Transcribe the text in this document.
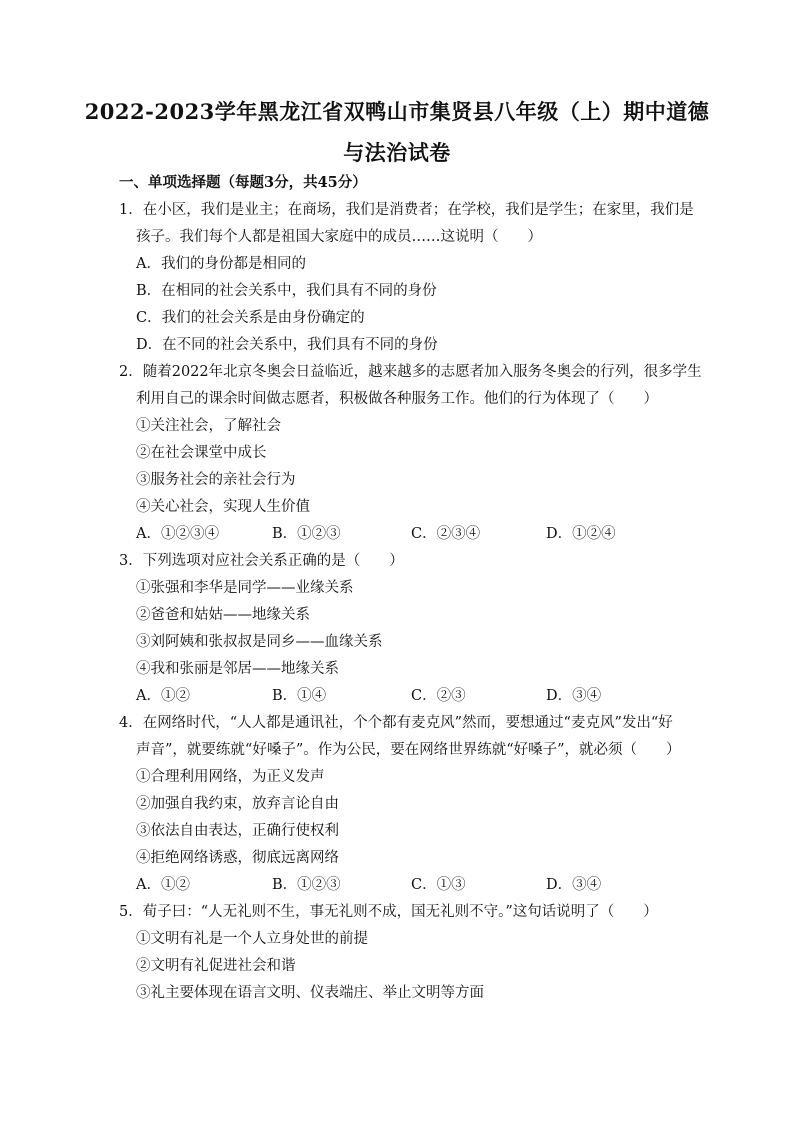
2022-2023学年黑龙江省双鸭山市集贤县八年级（上）期中道德
与法治试卷
一、单项选择题（每题3分，共45分）
1．在小区，我们是业主；在商场，我们是消费者；在学校，我们是学生；在家里，我们是
孩子。我们每个人都是祖国大家庭中的成员……这说明（　　）
A．我们的身份都是相同的
B．在相同的社会关系中，我们具有不同的身份
C．我们的社会关系是由身份确定的
D．在不同的社会关系中，我们具有不同的身份
2．随着2022年北京冬奥会日益临近，越来越多的志愿者加入服务冬奥会的行列，很多学生
利用自己的课余时间做志愿者，积极做各种服务工作。他们的行为体现了（　　）
①关注社会，了解社会
②在社会课堂中成长
③服务社会的亲社会行为
④关心社会，实现人生价值
A．①②③④	B．①②③	C．②③④	D．①②④
3．下列选项对应社会关系正确的是（　　）
①张强和李华是同学——业缘关系
②爸爸和姑姑——地缘关系
③刘阿姨和张叔叔是同乡——血缘关系
④我和张丽是邻居——地缘关系
A．①②	B．①④	C．②③	D．③④
4．在网络时代，“人人都是通讯社，个个都有麦克风”然而，要想通过“麦克风”发出“好
声音”，就要练就“好嗓子”。作为公民，要在网络世界练就“好嗓子”，就必须（　　）
①合理利用网络，为正义发声
②加强自我约束，放弃言论自由
③依法自由表达，正确行使权利
④拒绝网络诱惑，彻底远离网络
A．①②	B．①②③	C．①③	D．③④
5．荀子曰：“人无礼则不生，事无礼则不成，国无礼则不守。”这句话说明了（　　）
①文明有礼是一个人立身处世的前提
②文明有礼促进社会和谐
③礼主要体现在语言文明、仪表端庄、举止文明等方面
